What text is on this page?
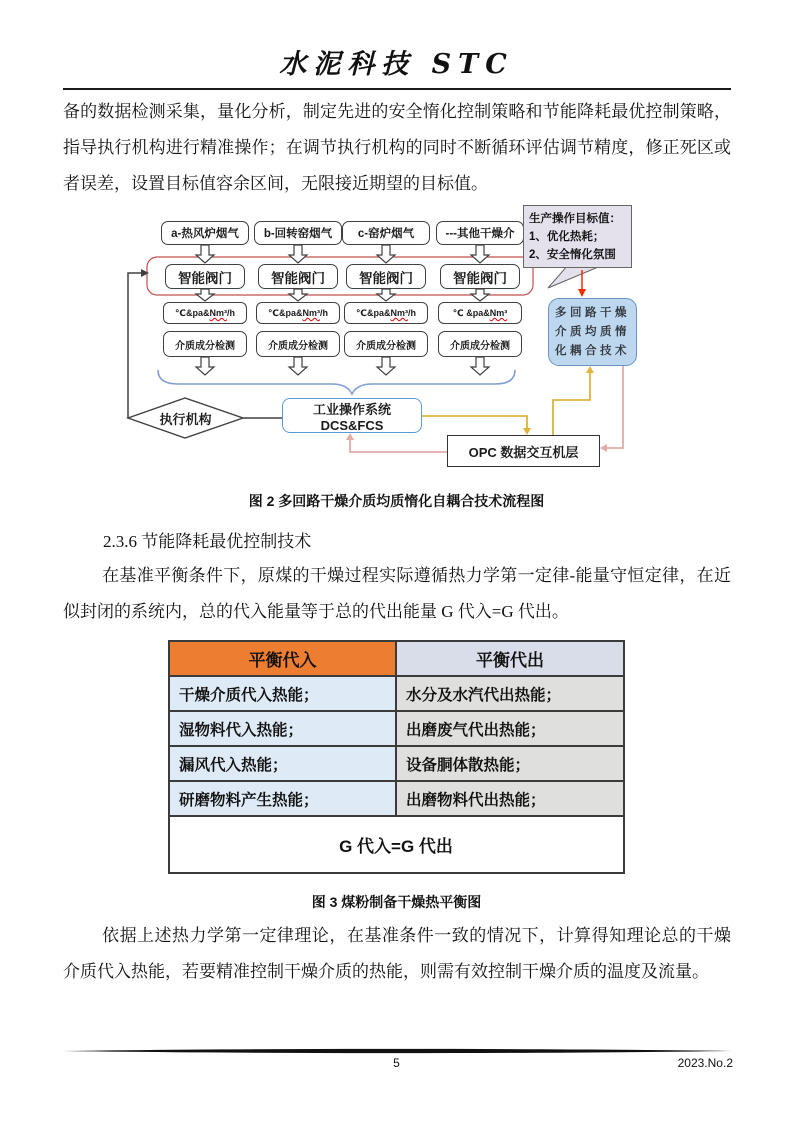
水泥科技 STC
备的数据检测采集，量化分析，制定先进的安全惰化控制策略和节能降耗最优控制策略，指导执行机构进行精准操作；在调节执行机构的同时不断循环评估调节精度，修正死区或者误差，设置目标值容余区间，无限接近期望的目标值。
a-热风炉烟气	b-回转窑烟气	c-窑炉烟气	---其他干燥介
智能阀门	智能阀门	智能阀门	智能阀门
℃&pa& Nm³ /h	℃&pa& Nm³ /h	℃&pa& Nm³ /h	℃ &pa& Nm³
介质成分检测	介质成分检测	介质成分检测	介质成分检测
生产操作目标值：
1、优化热耗；
2、安全惰化氛围
多回路干燥
介质均质惰
化耦合技术
工业操作系统 DCS&FCS
执行机构
OPC 数据交互机层
图 2 多回路干燥介质均质惰化自耦合技术流程图
2.3.6 节能降耗最优控制技术
在基准平衡条件下，原煤的干燥过程实际遵循热力学第一定律-能量守恒定律，在近似封闭的系统内，总的代入能量等于总的代出能量 G 代入=G 代出。
平衡代入	平衡代出
干燥介质代入热能；	水分及水汽代出热能；
湿物料代入热能；	出磨废气代出热能；
漏风代入热能；	设备胴体散热能；
研磨物料产生热能；	出磨物料代出热能；
G 代入=G 代出	
图 3 煤粉制备干燥热平衡图
依据上述热力学第一定律理论，在基准条件一致的情况下，计算得知理论总的干燥介质代入热能，若要精准控制干燥介质的热能，则需有效控制干燥介质的温度及流量。
5	2023.No.2
